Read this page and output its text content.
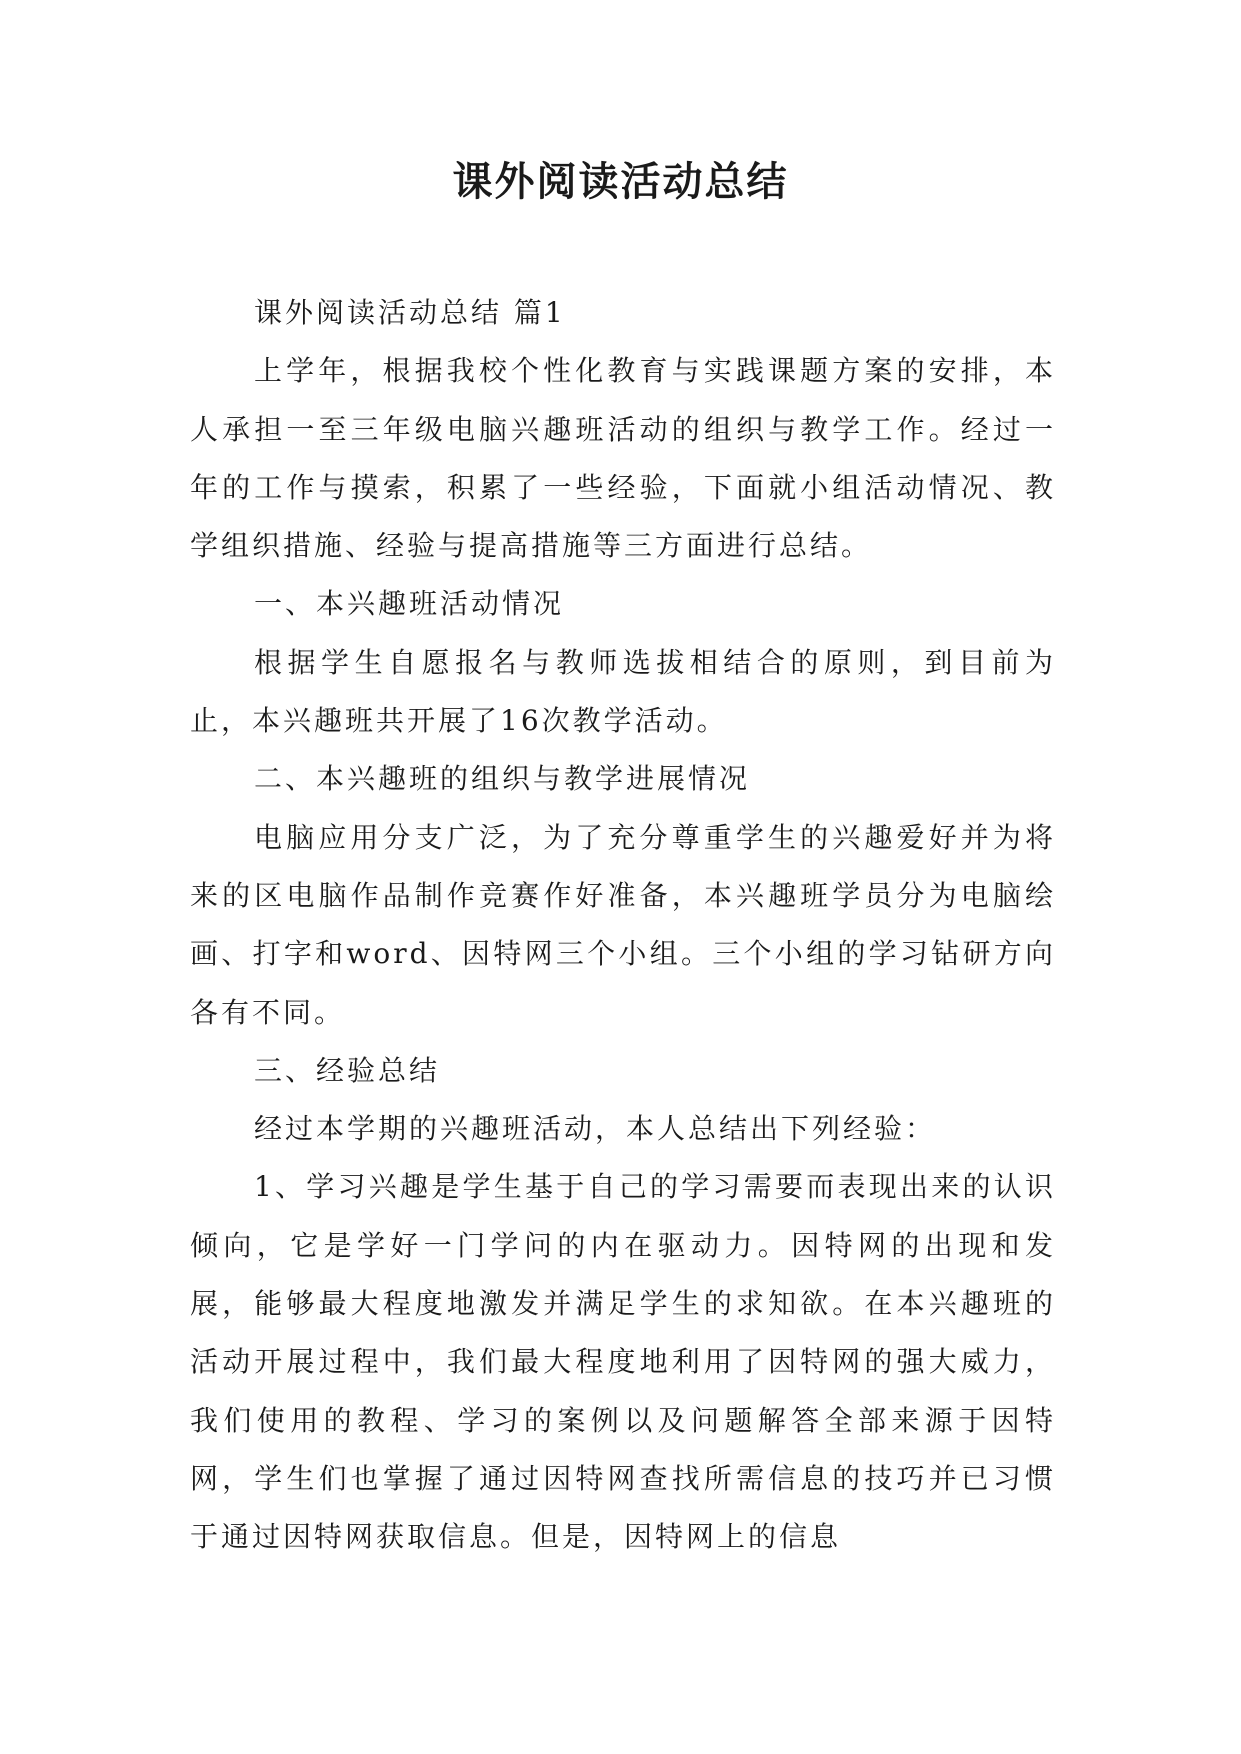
课外阅读活动总结

课外阅读活动总结 篇1

上学年，根据我校个性化教育与实践课题方案的安排，本人承担一至三年级电脑兴趣班活动的组织与教学工作。经过一年的工作与摸索，积累了一些经验，下面就小组活动情况、教学组织措施、经验与提高措施等三方面进行总结。

一、本兴趣班活动情况

根据学生自愿报名与教师选拔相结合的原则，到目前为止，本兴趣班共开展了16次教学活动。

二、本兴趣班的组织与教学进展情况

电脑应用分支广泛，为了充分尊重学生的兴趣爱好并为将来的区电脑作品制作竞赛作好准备，本兴趣班学员分为电脑绘画、打字和word、因特网三个小组。三个小组的学习钻研方向各有不同。

三、经验总结

经过本学期的兴趣班活动，本人总结出下列经验：

1、学习兴趣是学生基于自己的学习需要而表现出来的认识倾向，它是学好一门学问的内在驱动力。因特网的出现和发展，能够最大程度地激发并满足学生的求知欲。在本兴趣班的活动开展过程中，我们最大程度地利用了因特网的强大威力，我们使用的教程、学习的案例以及问题解答全部来源于因特网，学生们也掌握了通过因特网查找所需信息的技巧并已习惯于通过因特网获取信息。但是，因特网上的信息
